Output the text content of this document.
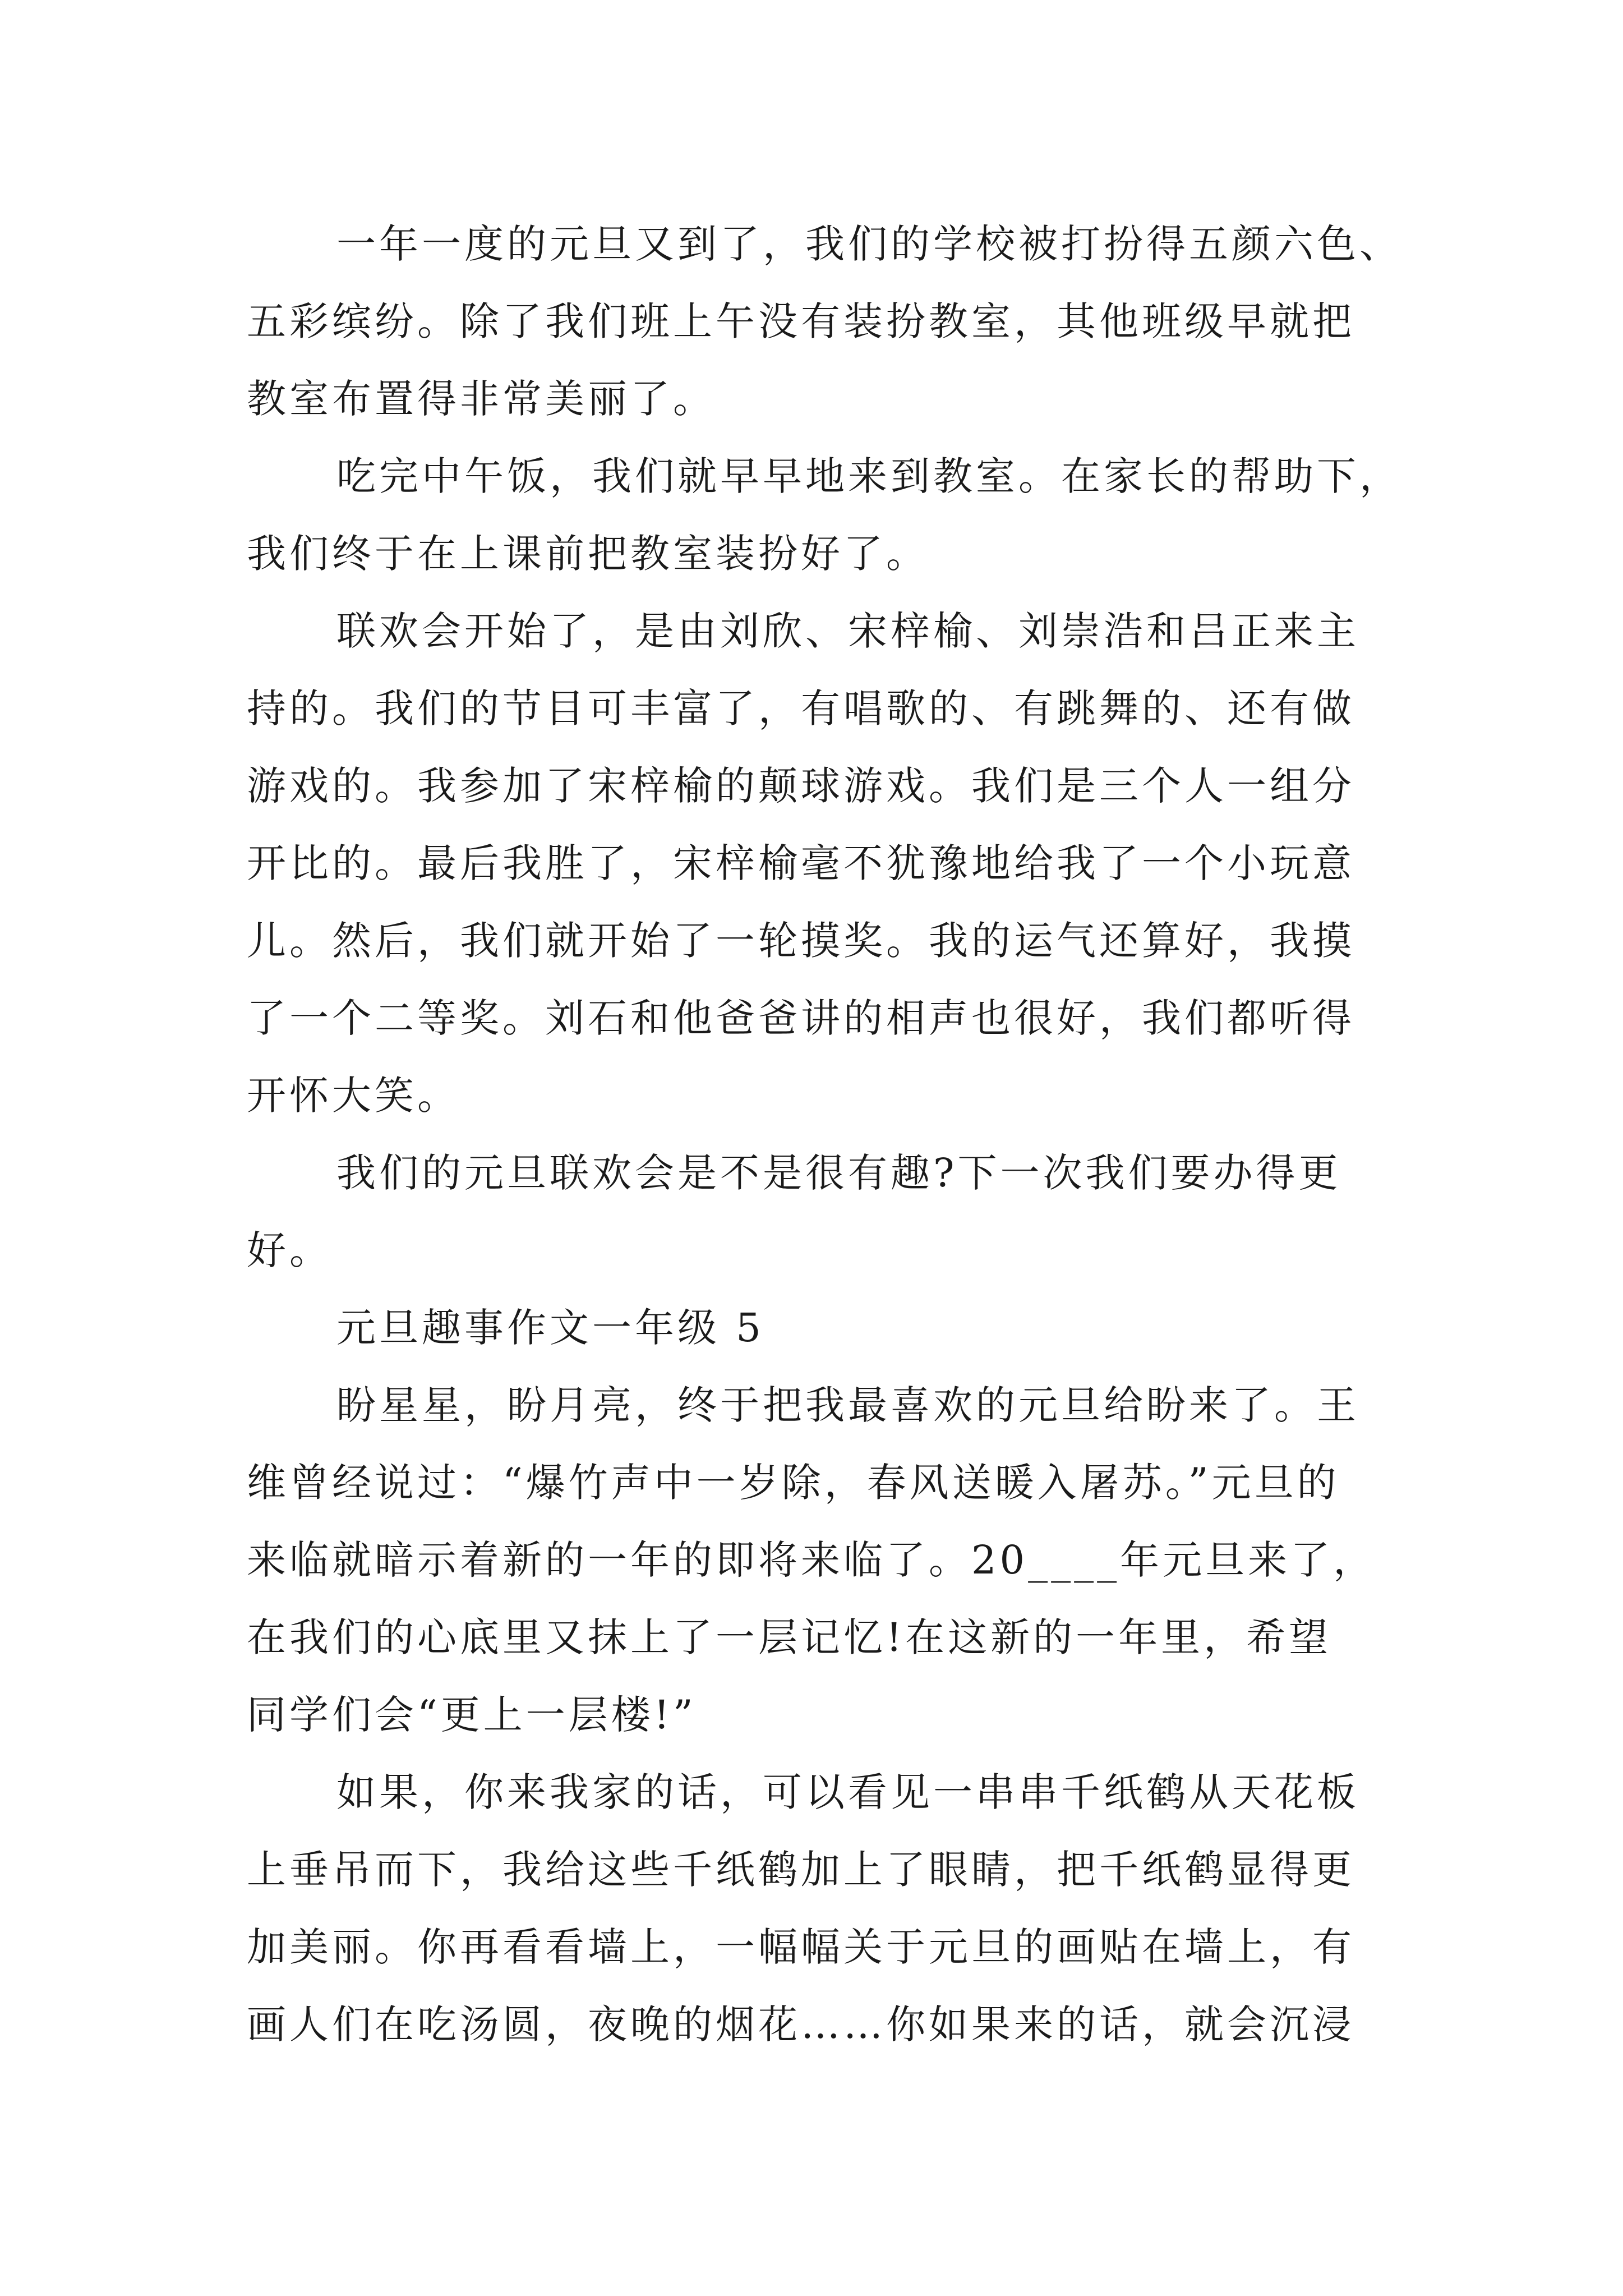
一年一度的元旦又到了，我们的学校被打扮得五颜六色、
五彩缤纷。除了我们班上午没有装扮教室，其他班级早就把
教室布置得非常美丽了。
吃完中午饭，我们就早早地来到教室。在家长的帮助下，
我们终于在上课前把教室装扮好了。
联欢会开始了，是由刘欣、宋梓榆、刘崇浩和吕正来主
持的。我们的节目可丰富了，有唱歌的、有跳舞的、还有做
游戏的。我参加了宋梓榆的颠球游戏。我们是三个人一组分
开比的。最后我胜了，宋梓榆毫不犹豫地给我了一个小玩意
儿。然后，我们就开始了一轮摸奖。我的运气还算好，我摸
了一个二等奖。刘石和他爸爸讲的相声也很好，我们都听得
开怀大笑。
我们的元旦联欢会是不是很有趣?下一次我们要办得更
好。
元旦趣事作文一年级 5
盼星星，盼月亮，终于把我最喜欢的元旦给盼来了。王
维曾经说过：“爆竹声中一岁除，春风送暖入屠苏。”元旦的
来临就暗示着新的一年的即将来临了。20____年元旦来了，
在我们的心底里又抹上了一层记忆!在这新的一年里，希望
同学们会“更上一层楼!”
如果，你来我家的话，可以看见一串串千纸鹤从天花板
上垂吊而下，我给这些千纸鹤加上了眼睛，把千纸鹤显得更
加美丽。你再看看墙上，一幅幅关于元旦的画贴在墙上，有
画人们在吃汤圆，夜晚的烟花……你如果来的话，就会沉浸
